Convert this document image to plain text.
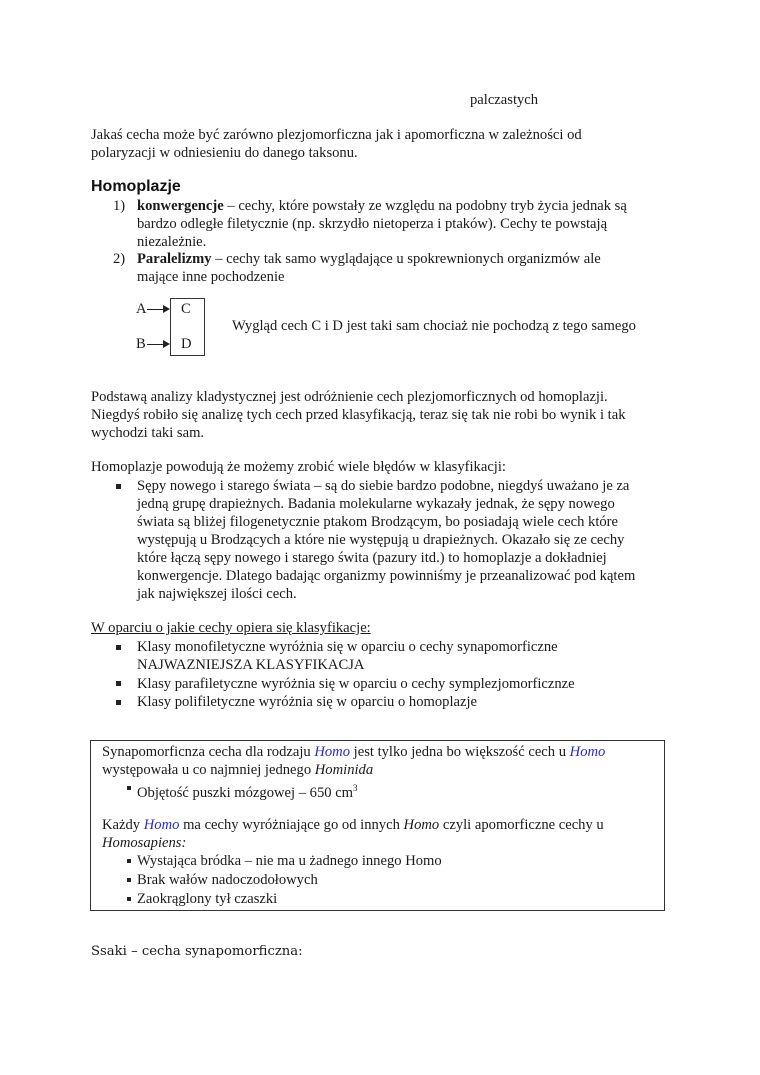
palczastych
Jakaś cecha może być zarówno plezjomorficzna jak i apomorficzna w zależności od
polaryzacji w odniesieniu do danego taksonu.
Homoplazje
1) konwergencje – cechy, które powstały ze względu na podobny tryb życia jednak są
bardzo odległe filetycznie (np. skrzydło nietoperza i ptaków). Cechy te powstają
niezależnie.
2) Paralelizmy – cechy tak samo wyglądające u spokrewnionych organizmów ale
mające inne pochodzenie
A
B
C
D
Wygląd cech C i D jest taki sam chociaż nie pochodzą z tego samego
Podstawą analizy kladystycznej jest odróżnienie cech plezjomorficznych od homoplazji.
Niegdyś robiło się analizę tych cech przed klasyfikacją, teraz się tak nie robi bo wynik i tak
wychodzi taki sam.
Homoplazje powodują że możemy zrobić wiele błędów w klasyfikacji:
Sępy nowego i starego świata – są do siebie bardzo podobne, niegdyś uważano je za
jedną grupę drapieżnych. Badania molekularne wykazały jednak, że sępy nowego
świata są bliżej filogenetycznie ptakom Brodzącym, bo posiadają wiele cech które
występują u Brodzących a które nie występują u drapieżnych. Okazało się ze cechy
które łączą sępy nowego i starego świta (pazury itd.) to homoplazje a dokładniej
konwergencje. Dlatego badając organizmy powinniśmy je przeanalizować pod kątem
jak największej ilości cech.
W oparciu o jakie cechy opiera się klasyfikacje:
Klasy monofiletyczne wyróżnia się w oparciu o cechy synapomorficzne
NAJWAZNIEJSZA KLASYFIKACJA
Klasy parafiletyczne wyróżnia się w oparciu o cechy symplezjomorficznze
Klasy polifiletyczne wyróżnia się w oparciu o homoplazje
Synapomorficnza cecha dla rodzaju Homo jest tylko jedna bo większość cech u Homo
występowała u co najmniej jednego Hominida
Objętość puszki mózgowej – 650 $cm^3$
Każdy Homo ma cechy wyróżniające go od innych Homo czyli apomorficzne cechy u
Homosapiens:
Wystająca bródka – nie ma u żadnego innego Homo
Brak wałów nadoczodołowych
Zaokrąglony tył czaszki
Ssaki – cecha synapomorficzna:
